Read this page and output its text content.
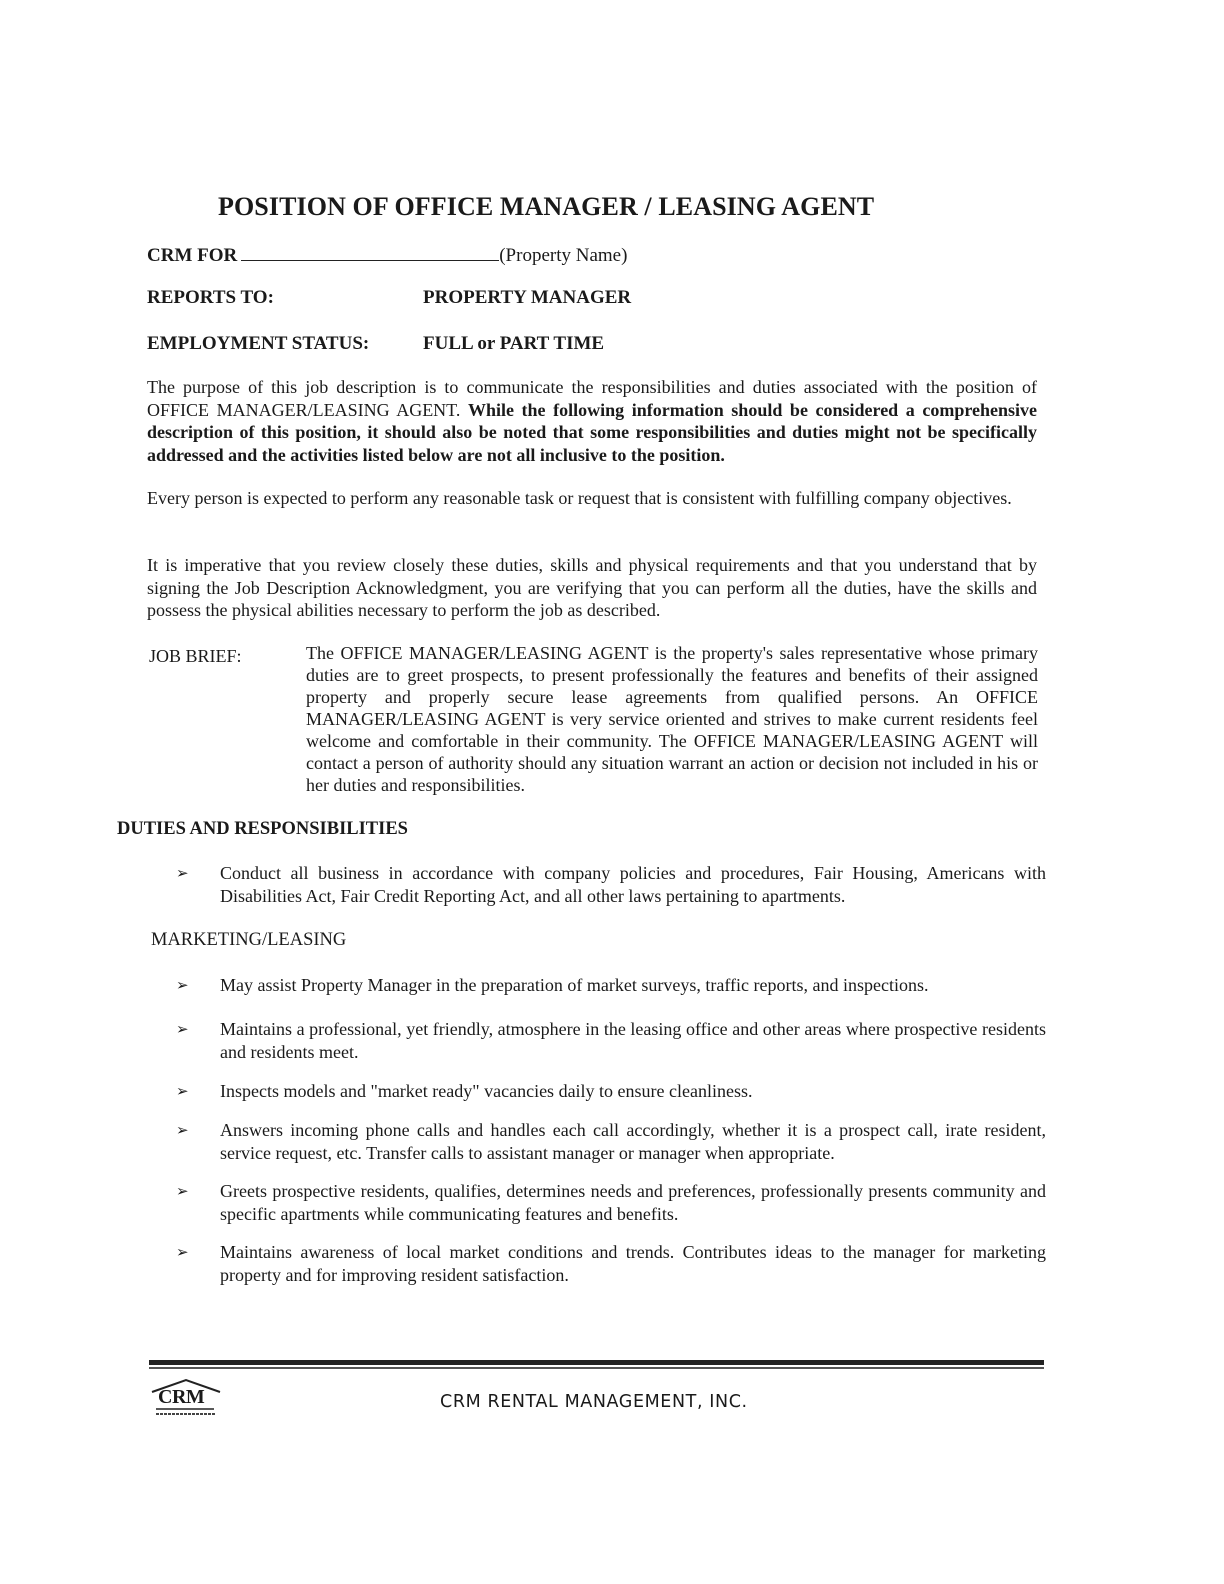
POSITION OF OFFICE MANAGER / LEASING AGENT
CRM FOR	(Property Name)
REPORTS TO:	PROPERTY MANAGER
EMPLOYMENT STATUS:	FULL or PART TIME
The purpose of this job description is to communicate the responsibilities and duties associated with the position of OFFICE MANAGER/LEASING AGENT. While the following information should be considered a comprehensive description of this position, it should also be noted that some responsibilities and duties might not be specifically addressed and the activities listed below are not all inclusive to the position.
Every person is expected to perform any reasonable task or request that is consistent with fulfilling company objectives.
It is imperative that you review closely these duties, skills and physical requirements and that you understand that by signing the Job Description Acknowledgment, you are verifying that you can perform all the duties, have the skills and possess the physical abilities necessary to perform the job as described.
JOB BRIEF:	The OFFICE MANAGER/LEASING AGENT is the property's sales representative whose primary duties are to greet prospects, to present professionally the features and benefits of their assigned property and properly secure lease agreements from qualified persons. An OFFICE MANAGER/LEASING AGENT is very service oriented and strives to make current residents feel welcome and comfortable in their community. The OFFICE MANAGER/LEASING AGENT will contact a person of authority should any situation warrant an action or decision not included in his or her duties and responsibilities.
DUTIES AND RESPONSIBILITIES
➢	Conduct all business in accordance with company policies and procedures, Fair Housing, Americans with Disabilities Act, Fair Credit Reporting Act, and all other laws pertaining to apartments.
MARKETING/LEASING
➢	May assist Property Manager in the preparation of market surveys, traffic reports, and inspections.
➢	Maintains a professional, yet friendly, atmosphere in the leasing office and other areas where prospective residents and residents meet.
➢	Inspects models and "market ready" vacancies daily to ensure cleanliness.
➢	Answers incoming phone calls and handles each call accordingly, whether it is a prospect call, irate resident, service request, etc. Transfer calls to assistant manager or manager when appropriate.
➢	Greets prospective residents, qualifies, determines needs and preferences, professionally presents community and specific apartments while communicating features and benefits.
➢	Maintains awareness of local market conditions and trends. Contributes ideas to the manager for marketing property and for improving resident satisfaction.
CRM	CRM RENTAL MANAGEMENT, INC.
